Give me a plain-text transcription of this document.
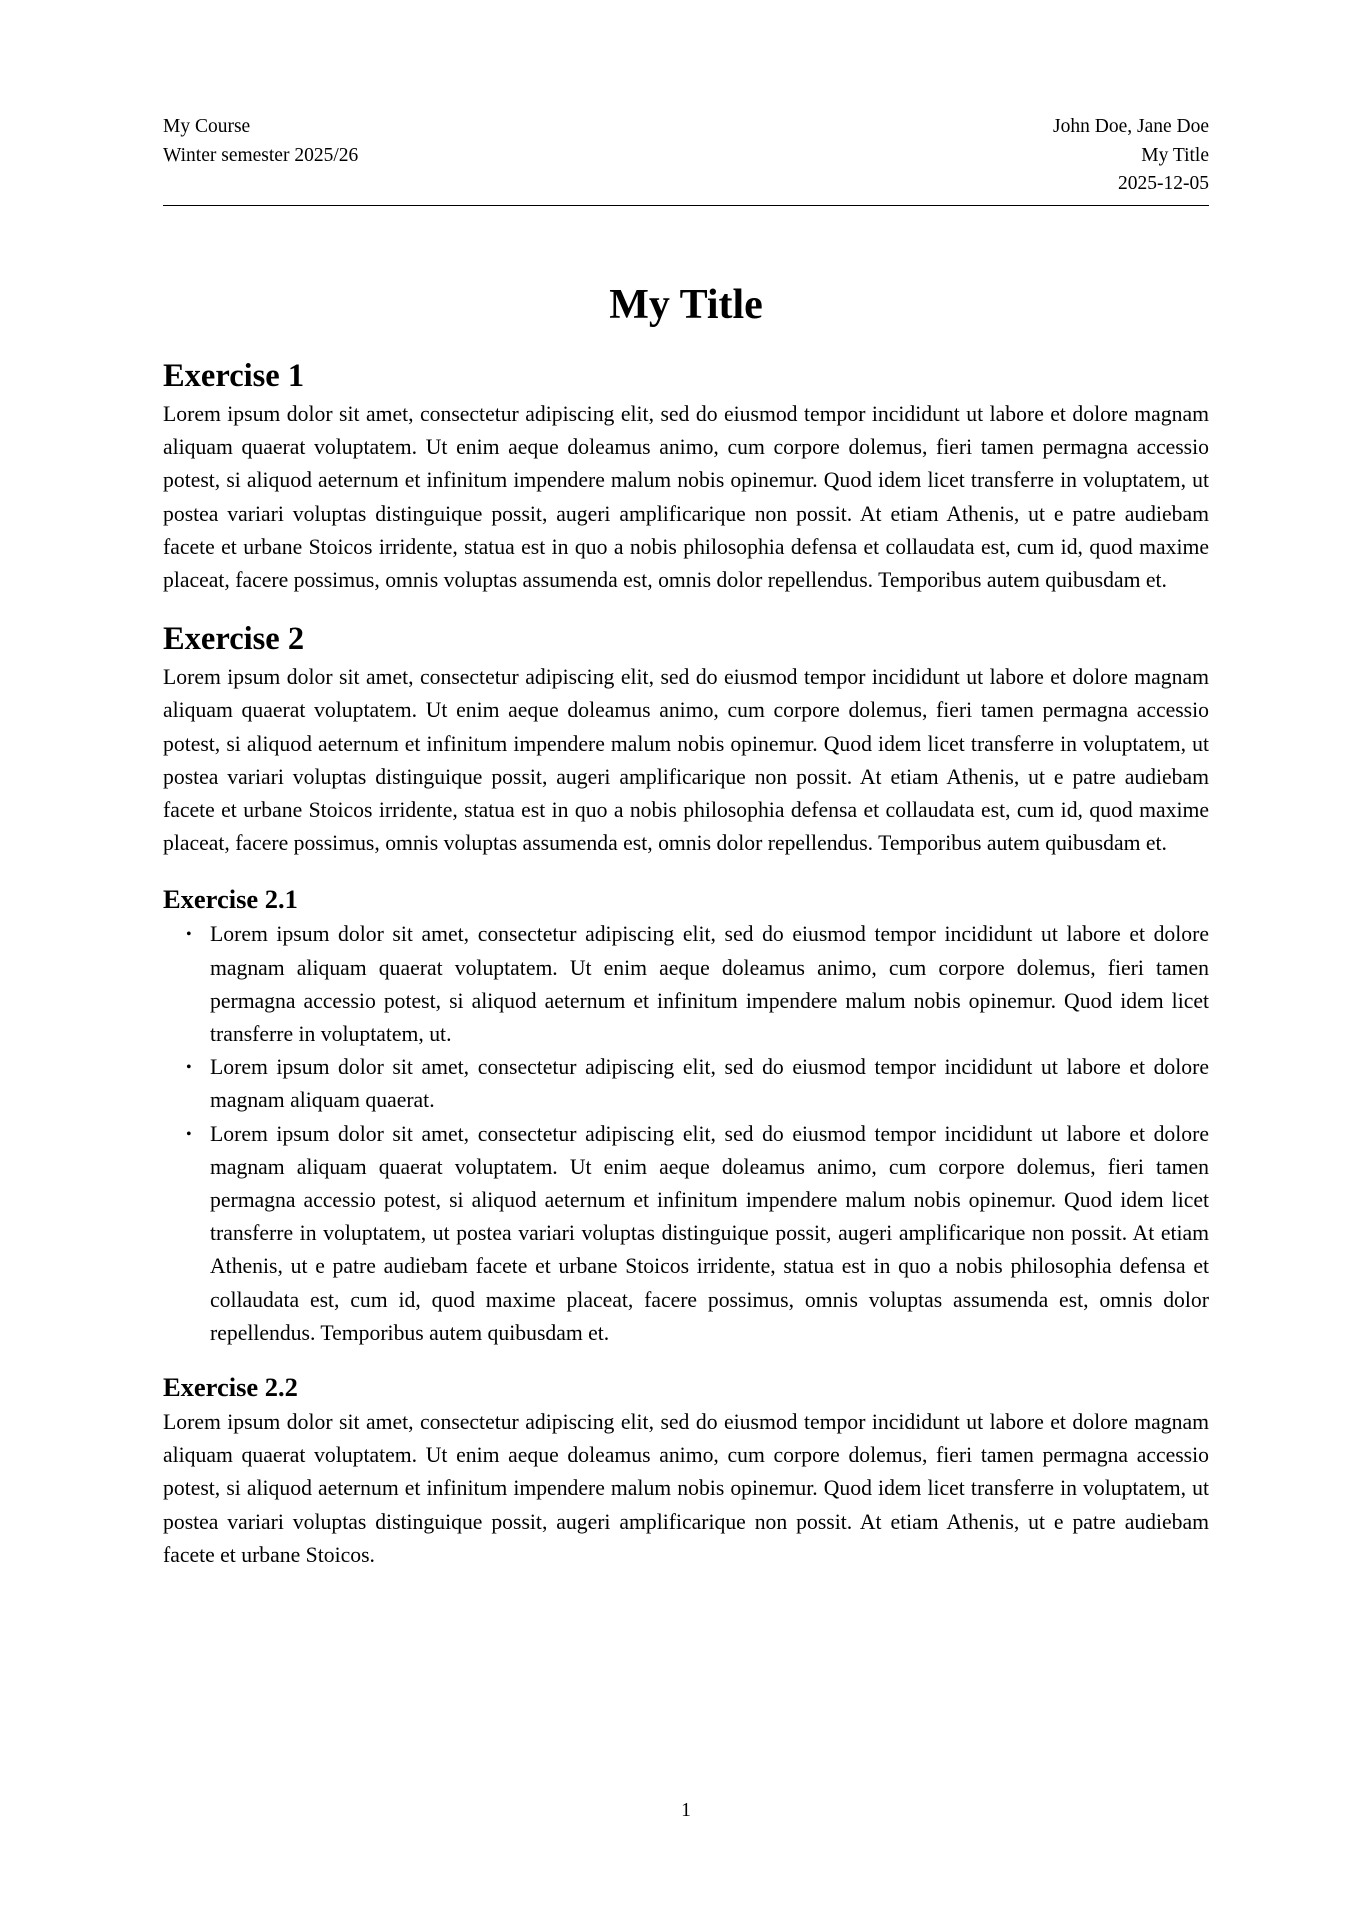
My Course
Winter semester 2025/26
John Doe, Jane Doe
My Title
2025-12-05
My Title
Exercise 1

Lorem ipsum dolor sit amet, consectetur adipiscing elit, sed do eiusmod tempor incididunt ut labore et dolore magnam aliquam quaerat voluptatem. Ut enim aeque doleamus animo, cum corpore dolemus, fieri tamen permagna accessio potest, si aliquod aeternum et infinitum impendere malum nobis opinemur. Quod idem licet transferre in voluptatem, ut postea variari voluptas distinguique possit, augeri amplificarique non possit. At etiam Athenis, ut e patre audiebam facete et urbane Stoicos irridente, statua est in quo a nobis philosophia defensa et collaudata est, cum id, quod maxime placeat, facere possimus, omnis voluptas assumenda est, omnis dolor repellendus. Temporibus autem quibusdam et.

Exercise 2

Lorem ipsum dolor sit amet, consectetur adipiscing elit, sed do eiusmod tempor incididunt ut labore et dolore magnam aliquam quaerat voluptatem. Ut enim aeque doleamus animo, cum corpore dolemus, fieri tamen permagna accessio potest, si aliquod aeternum et infinitum impendere malum nobis opinemur. Quod idem licet transferre in voluptatem, ut postea variari voluptas distinguique possit, augeri amplificarique non possit. At etiam Athenis, ut e patre audiebam facete et urbane Stoicos irridente, statua est in quo a nobis philosophia defensa et collaudata est, cum id, quod maxime placeat, facere possimus, omnis voluptas assumenda est, omnis dolor repellendus. Temporibus autem quibusdam et.

Exercise 2.1
• Lorem ipsum dolor sit amet, consectetur adipiscing elit, sed do eiusmod tempor incididunt ut labore et dolore magnam aliquam quaerat voluptatem. Ut enim aeque doleamus animo, cum corpore dolemus, fieri tamen permagna accessio potest, si aliquod aeternum et infinitum impendere malum nobis opinemur. Quod idem licet transferre in voluptatem, ut.
• Lorem ipsum dolor sit amet, consectetur adipiscing elit, sed do eiusmod tempor incididunt ut labore et dolore magnam aliquam quaerat.
• Lorem ipsum dolor sit amet, consectetur adipiscing elit, sed do eiusmod tempor incididunt ut labore et dolore magnam aliquam quaerat voluptatem. Ut enim aeque doleamus animo, cum corpore dolemus, fieri tamen permagna accessio potest, si aliquod aeternum et infinitum impendere malum nobis opinemur. Quod idem licet transferre in voluptatem, ut postea variari voluptas distinguique possit, augeri amplificarique non possit. At etiam Athenis, ut e patre audiebam facete et urbane Stoicos irridente, statua est in quo a nobis philosophia defensa et collaudata est, cum id, quod maxime placeat, facere possimus, omnis voluptas assumenda est, omnis dolor repellendus. Temporibus autem quibusdam et.
Exercise 2.2

Lorem ipsum dolor sit amet, consectetur adipiscing elit, sed do eiusmod tempor incididunt ut labore et dolore magnam aliquam quaerat voluptatem. Ut enim aeque doleamus animo, cum corpore dolemus, fieri tamen permagna accessio potest, si aliquod aeternum et infinitum impendere malum nobis opinemur. Quod idem licet transferre in voluptatem, ut postea variari voluptas distinguique possit, augeri amplificarique non possit. At etiam Athenis, ut e patre audiebam facete et urbane Stoicos.

1
